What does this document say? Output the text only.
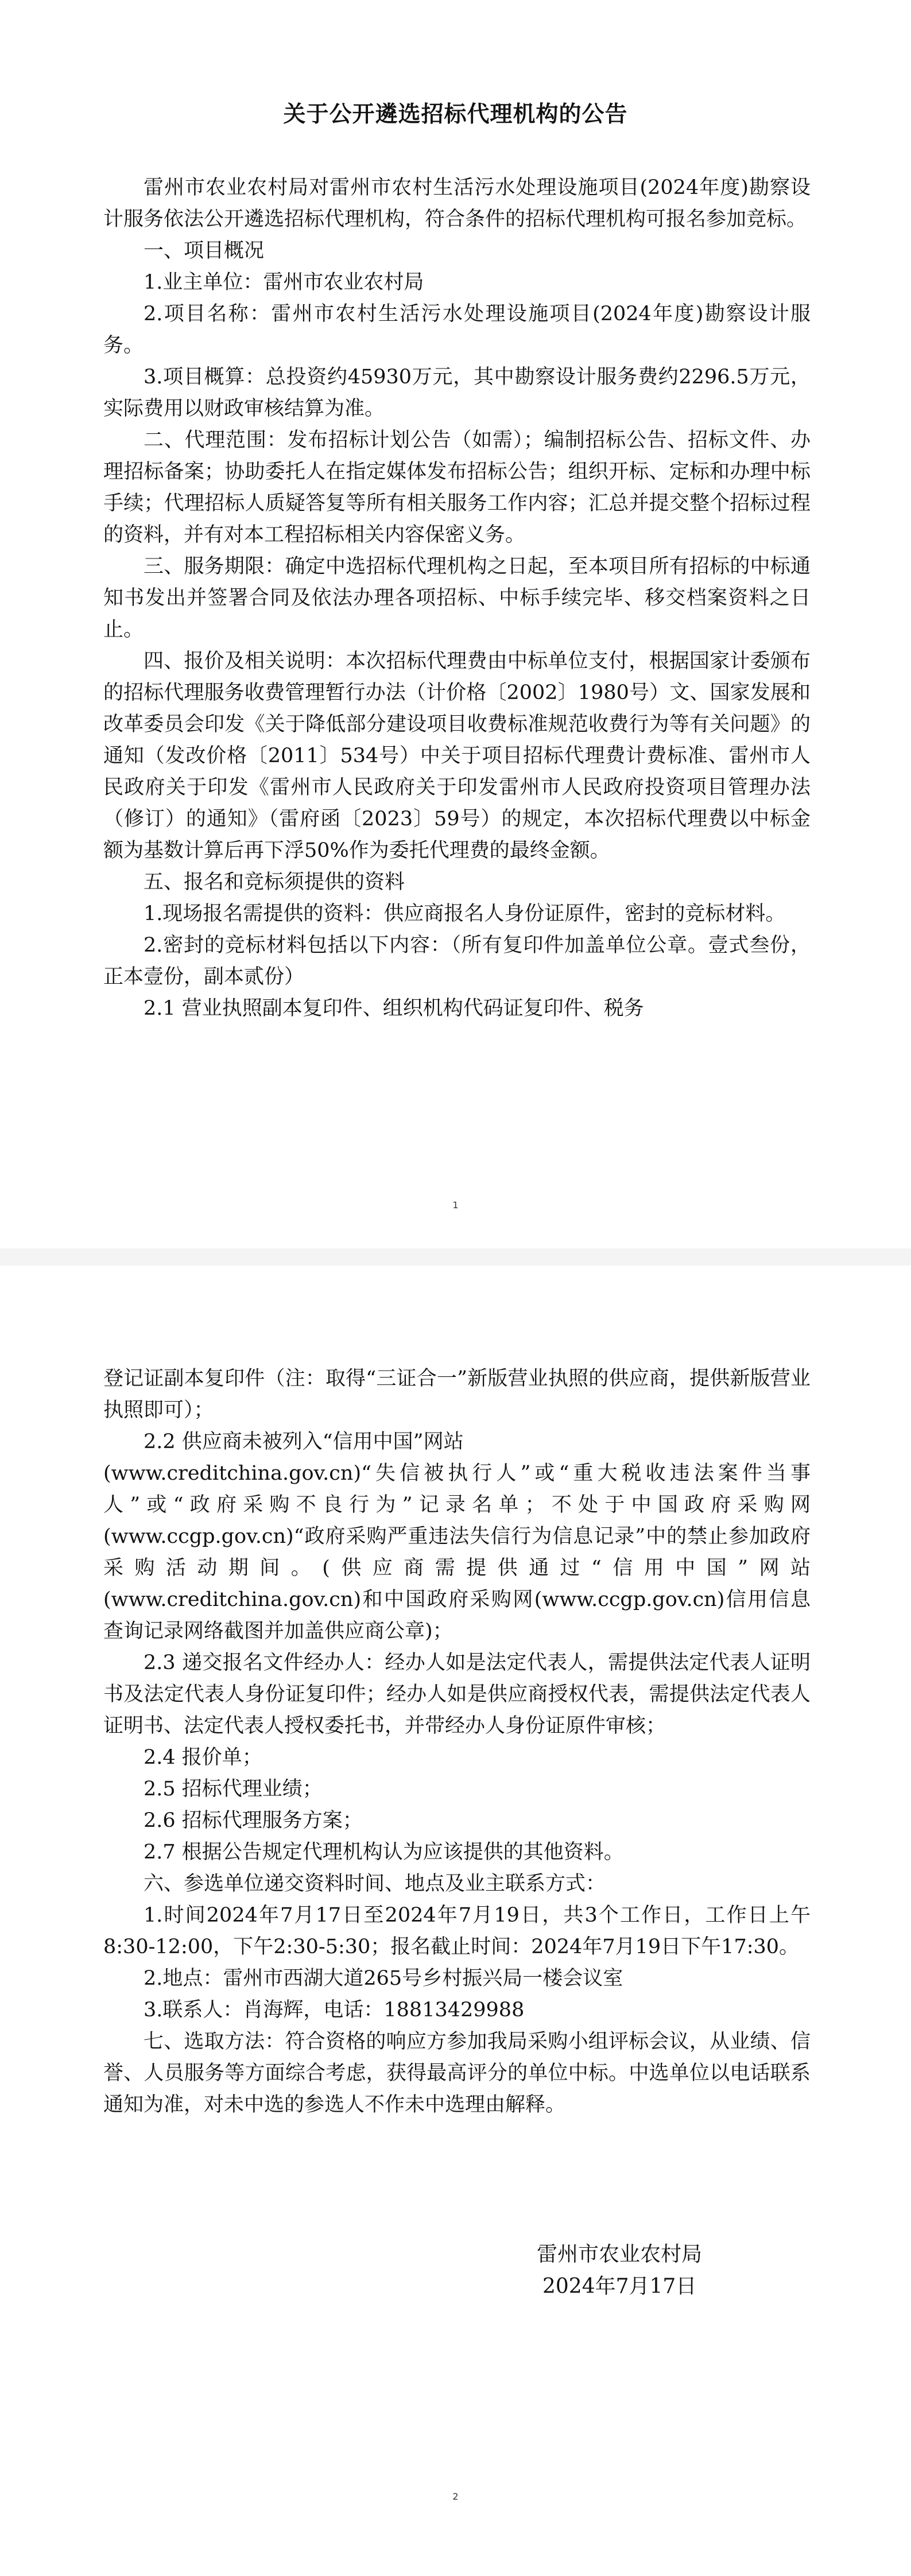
关于公开遴选招标代理机构的公告

雷州市农业农村局对雷州市农村生活污水处理设施项目(2024年度)勘察设计服务依法公开遴选招标代理机构，符合条件的招标代理机构可报名参加竞标。

一、项目概况

1.业主单位：雷州市农业农村局

2.项目名称：雷州市农村生活污水处理设施项目(2024年度)勘察设计服务。

3.项目概算：总投资约45930万元，其中勘察设计服务费约2296.5万元，实际费用以财政审核结算为准。

二、代理范围：发布招标计划公告（如需）；编制招标公告、招标文件、办理招标备案；协助委托人在指定媒体发布招标公告；组织开标、定标和办理中标手续；代理招标人质疑答复等所有相关服务工作内容；汇总并提交整个招标过程的资料，并有对本工程招标相关内容保密义务。

三、服务期限：确定中选招标代理机构之日起，至本项目所有招标的中标通知书发出并签署合同及依法办理各项招标、中标手续完毕、移交档案资料之日止。

四、报价及相关说明：本次招标代理费由中标单位支付，根据国家计委颁布的招标代理服务收费管理暂行办法（计价格〔2002〕1980号）文、国家发展和改革委员会印发《关于降低部分建设项目收费标准规范收费行为等有关问题》的通知（发改价格〔2011〕534号）中关于项目招标代理费计费标准、雷州市人民政府关于印发《雷州市人民政府关于印发雷州市人民政府投资项目管理办法（修订）的通知》（雷府函〔2023〕59号）的规定，本次招标代理费以中标金额为基数计算后再下浮50%作为委托代理费的最终金额。

五、报名和竞标须提供的资料

1.现场报名需提供的资料：供应商报名人身份证原件，密封的竞标材料。

2.密封的竞标材料包括以下内容：（所有复印件加盖单位公章。壹式叁份，正本壹份，副本贰份）

2.1 营业执照副本复印件、组织机构代码证复印件、税务

1

登记证副本复印件（注：取得“三证合一”新版营业执照的供应商，提供新版营业执照即可）；

2.2 供应商未被列入“信用中国”网站

(www.creditchina.gov.cn)“失信被执行人”或“重大税收违法案件当事人”或“政府采购不良行为”记录名单；不处于中国政府采购网(www.ccgp.gov.cn)“政府采购严重违法失信行为信息记录”中的禁止参加政府采购活动期间。(供应商需提供通过“信用中国”网站(www.creditchina.gov.cn)和中国政府采购网(www.ccgp.gov.cn)信用信息查询记录网络截图并加盖供应商公章)；

2.3 递交报名文件经办人：经办人如是法定代表人，需提供法定代表人证明书及法定代表人身份证复印件；经办人如是供应商授权代表，需提供法定代表人证明书、法定代表人授权委托书，并带经办人身份证原件审核；

2.4 报价单；

2.5 招标代理业绩；

2.6 招标代理服务方案；

2.7 根据公告规定代理机构认为应该提供的其他资料。

六、参选单位递交资料时间、地点及业主联系方式：

1.时间2024年7月17日至2024年7月19日，共3个工作日，工作日上午8:30-12:00，下午2:30-5:30；报名截止时间：2024年7月19日下午17:30。

2.地点：雷州市西湖大道265号乡村振兴局一楼会议室

3.联系人：肖海辉，电话：18813429988

七、选取方法：符合资格的响应方参加我局采购小组评标会议，从业绩、信誉、人员服务等方面综合考虑，获得最高评分的单位中标。中选单位以电话联系通知为准，对未中选的参选人不作未中选理由解释。

雷州市农业农村局
2024年7月17日
2
